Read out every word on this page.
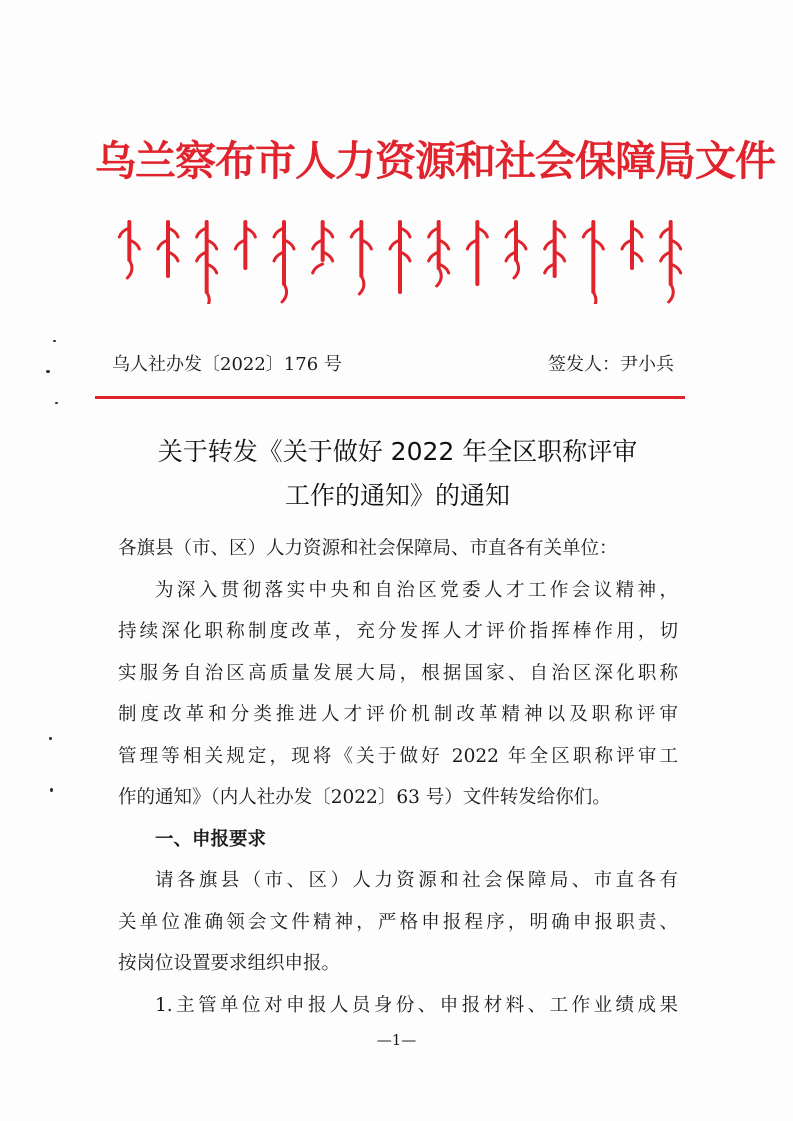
乌兰察布市人力资源和社会保障局文件
乌人社办发〔2022〕176 号	签发人：尹小兵
关于转发《关于做好 2022 年全区职称评审
工作的通知》的通知

各旗县（市、区）人力资源和社会保障局、市直各有关单位：

为深入贯彻落实中央和自治区党委人才工作会议精神，

持续深化职称制度改革，充分发挥人才评价指挥棒作用，切

实服务自治区高质量发展大局，根据国家、自治区深化职称

制度改革和分类推进人才评价机制改革精神以及职称评审

管理等相关规定，现将《关于做好 2022 年全区职称评审工

作的通知》（内人社办发〔2022〕63 号）文件转发给你们。

一、申报要求

请各旗县（市、区）人力资源和社会保障局、市直各有

关单位准确领会文件精神，严格申报程序，明确申报职责、

按岗位设置要求组织申报。

1.主管单位对申报人员身份、申报材料、工作业绩成果

—1—
